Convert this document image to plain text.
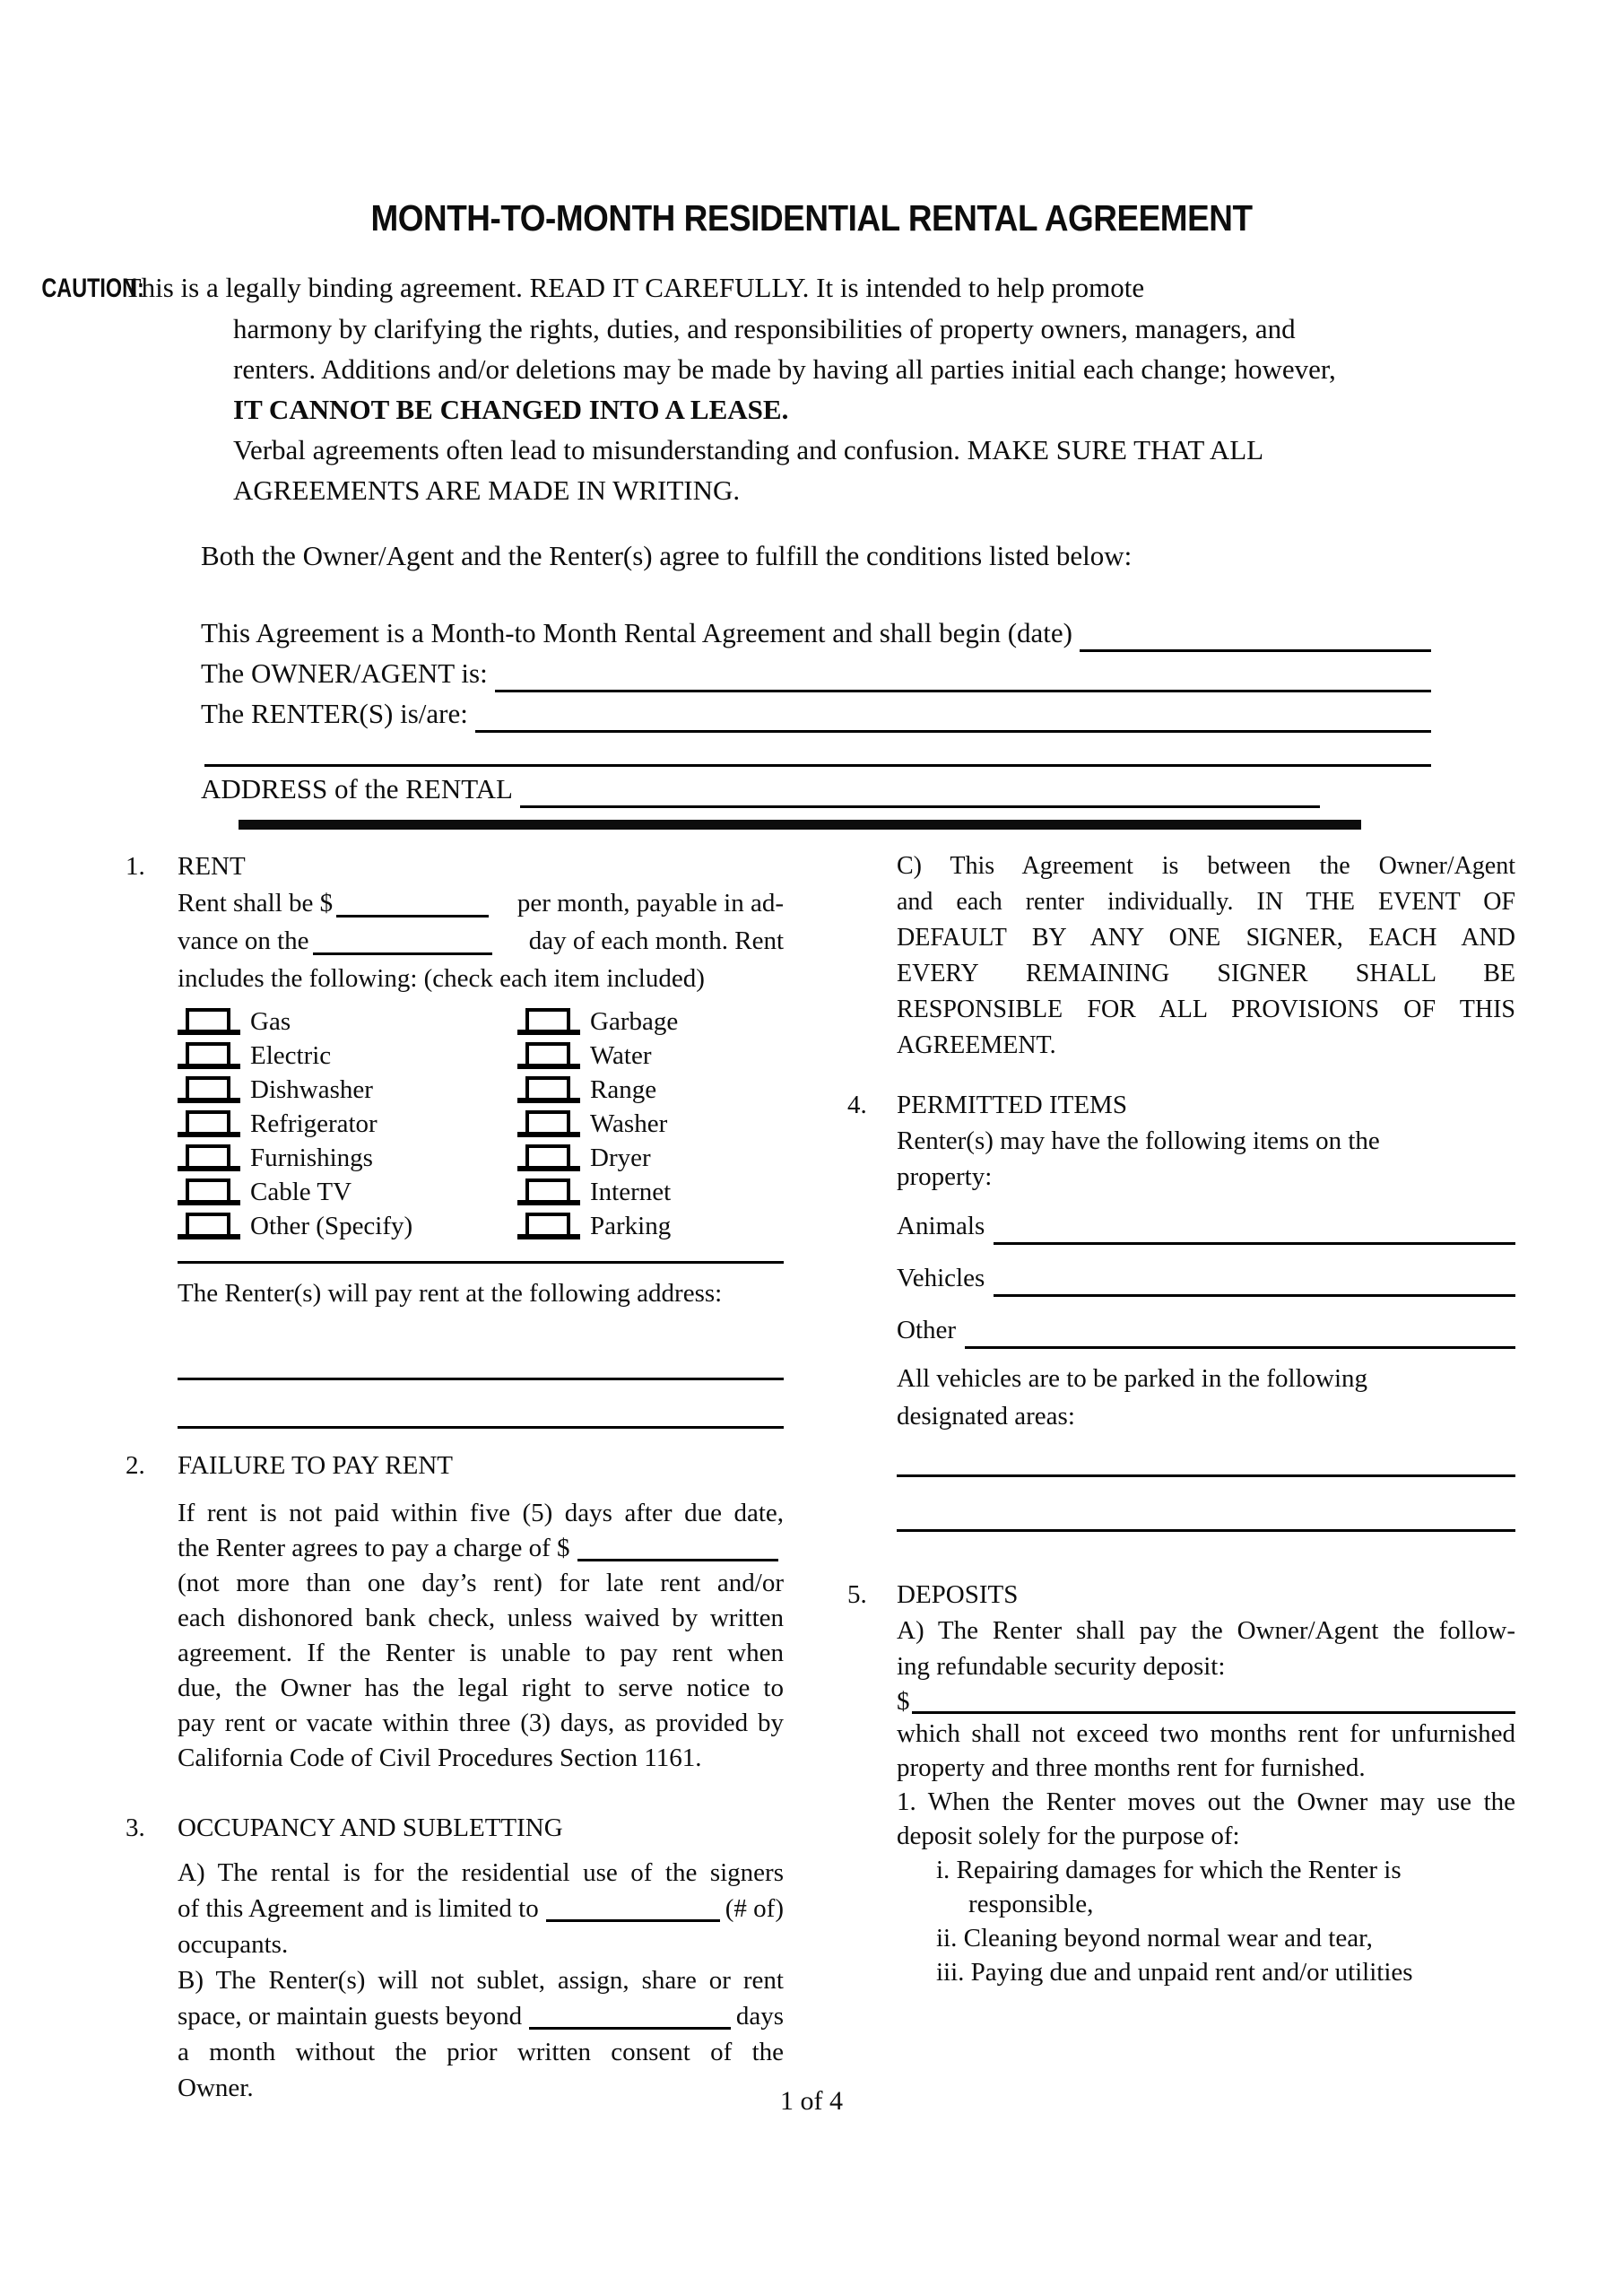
MONTH-TO-MONTH RESIDENTIAL RENTAL AGREEMENT
CAUTION:This is a legally binding agreement. READ IT CAREFULLY. It is intended to help promote
harmony by clarifying the rights, duties, and responsibilities of property owners, managers, and
renters. Additions and/or deletions may be made by having all parties initial each change; however,
IT CANNOT BE CHANGED INTO A LEASE.
Verbal agreements often lead to misunderstanding and confusion. MAKE SURE THAT ALL
AGREEMENTS ARE MADE IN WRITING.
Both the Owner/Agent and the Renter(s) agree to fulfill the conditions listed below:
This Agreement is a Month-to Month Rental Agreement and shall begin (date)
The OWNER/AGENT is:
The RENTER(S) is/are:
ADDRESS of the RENTAL
1.	RENT
Rent shall be $	per month, payable in ad-
vance on the	day of each month. Rent
includes the following: (check each item included)
Gas	Garbage
Electric	Water
Dishwasher	Range
Refrigerator	Washer
Furnishings	Dryer
Cable TV	Internet
Other (Specify)	Parking
The Renter(s) will pay rent at the following address:
2.	FAILURE TO PAY RENT
If rent is not paid within five (5) days after due date,
the Renter agrees to pay a charge of $
(not more than one day’s rent) for late rent and/or
each dishonored bank check, unless waived by written
agreement. If the Renter is unable to pay rent when
due, the Owner has the legal right to serve notice to
pay rent or vacate within three (3) days, as provided by
California Code of Civil Procedures Section 1161.
3.	OCCUPANCY AND SUBLETTING
A) The rental is for the residential use of the signers
of this Agreement and is limited to	(# of)
occupants.
B) The Renter(s) will not sublet, assign, share or rent
space, or maintain guests beyond	days
a month without the prior written consent of the
Owner.
C) This Agreement is between the Owner/Agent
and each renter individually. IN THE EVENT OF
DEFAULT BY ANY ONE SIGNER, EACH AND
EVERY REMAINING SIGNER SHALL BE
RESPONSIBLE FOR ALL PROVISIONS OF THIS
AGREEMENT.
4.	PERMITTED ITEMS
Renter(s) may have the following items on the
property:
Animals
Vehicles
Other
All vehicles are to be parked in the following
designated areas:
5.	DEPOSITS
A) The Renter shall pay the Owner/Agent the follow-
ing refundable security deposit:
$
which shall not exceed two months rent for unfurnished
property and three months rent for furnished.
1. When the Renter moves out the Owner may use the
deposit solely for the purpose of:
i. Repairing damages for which the Renter is
responsible,
ii. Cleaning beyond normal wear and tear,
iii. Paying due and unpaid rent and/or utilities
1 of 4
